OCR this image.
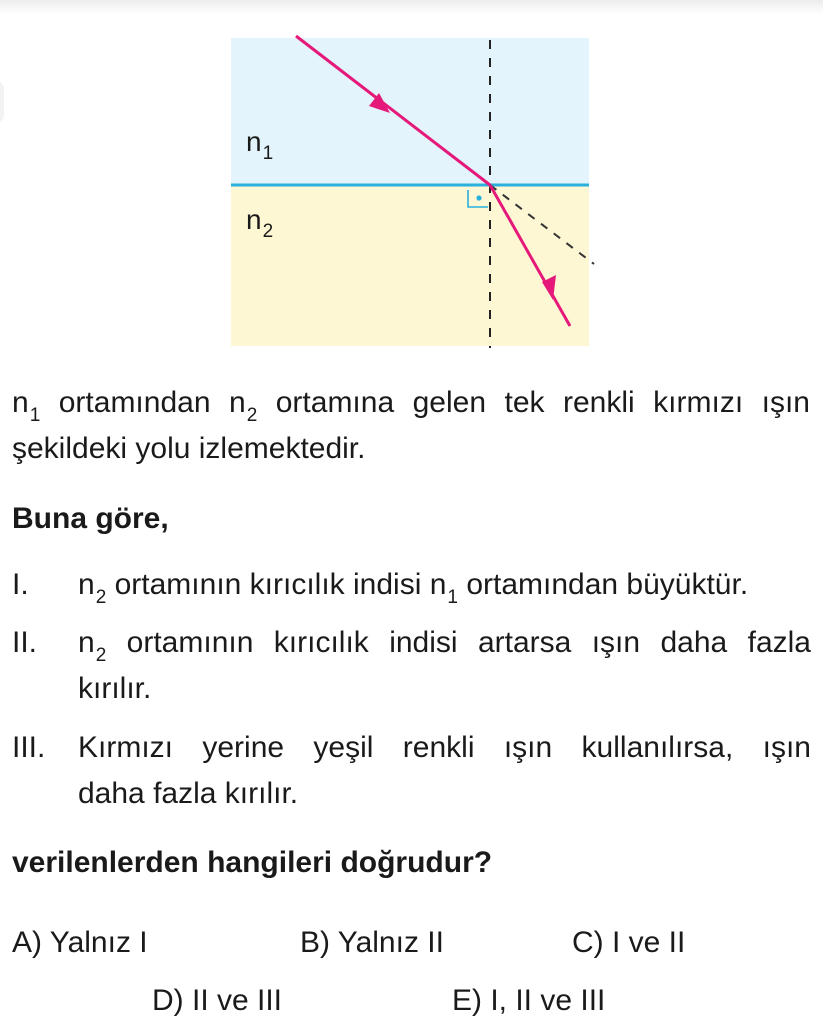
$n_1$
$n_2$
$n_1$ ortamından $n_2$ ortamına gelen tek renkli kırmızı ışın
şekildeki yolu izlemektedir.
Buna göre,
I. $n_2$ ortamının kırıcılık indisi $n_1$ ortamından büyüktür.
II. $n_2$ ortamının kırıcılık indisi artarsa ışın daha fazla
kırılır.
III. Kırmızı yerine yeşil renkli ışın kullanılırsa, ışın
daha fazla kırılır.
verilenlerden hangileri doğrudur?
A) Yalnız I	B) Yalnız II	C) I ve II
D) II ve III	E) I, II ve III
